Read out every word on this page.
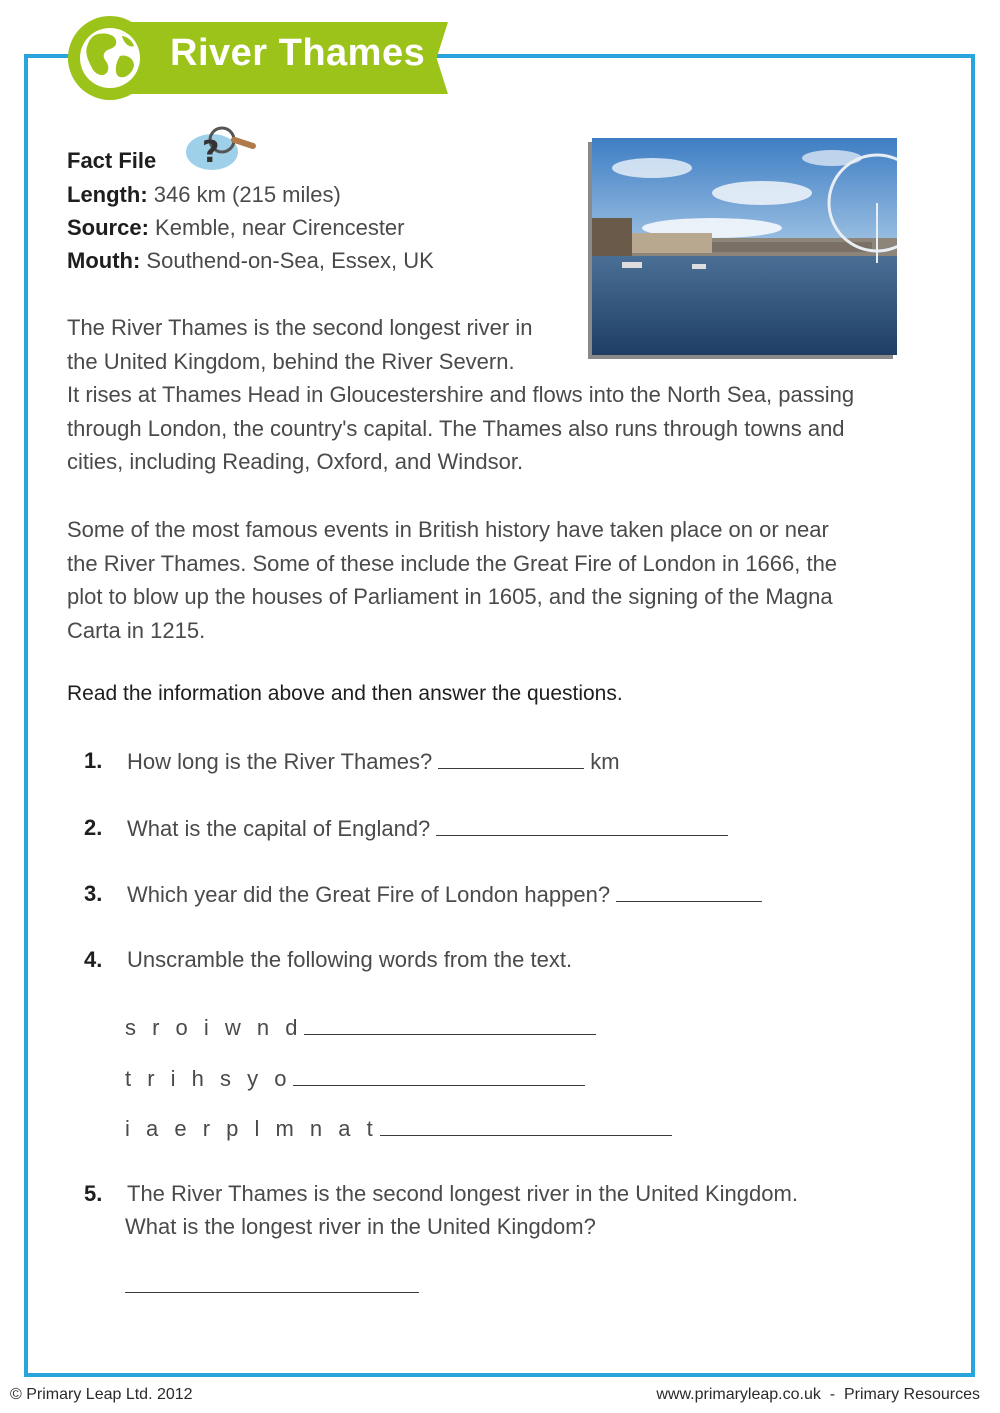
River Thames
Fact File ?
Length: 346 km (215 miles)
Source: Kemble, near Cirencester
Mouth: Southend-on-Sea, Essex, UK
The River Thames is the second longest river in
the United Kingdom, behind the River Severn.
It rises at Thames Head in Gloucestershire and flows into the North Sea, passing
through London, the country's capital. The Thames also runs through towns and
cities, including Reading, Oxford, and Windsor.
Some of the most famous events in British history have taken place on or near
the River Thames. Some of these include the Great Fire of London in 1666, the
plot to blow up the houses of Parliament in 1605, and the signing of the Magna
Carta in 1215.
Read the information above and then answer the questions.
1. How long is the River Thames?	km
2. What is the capital of England?
3. Which year did the Great Fire of London happen?
4. Unscramble the following words from the text.
s r o i w n d
t r i h s y o
i a e r p l m n a t
5. The River Thames is the second longest river in the United Kingdom.
What is the longest river in the United Kingdom?
© Primary Leap Ltd. 2012	www.primaryleap.co.uk  -  Primary Resources
